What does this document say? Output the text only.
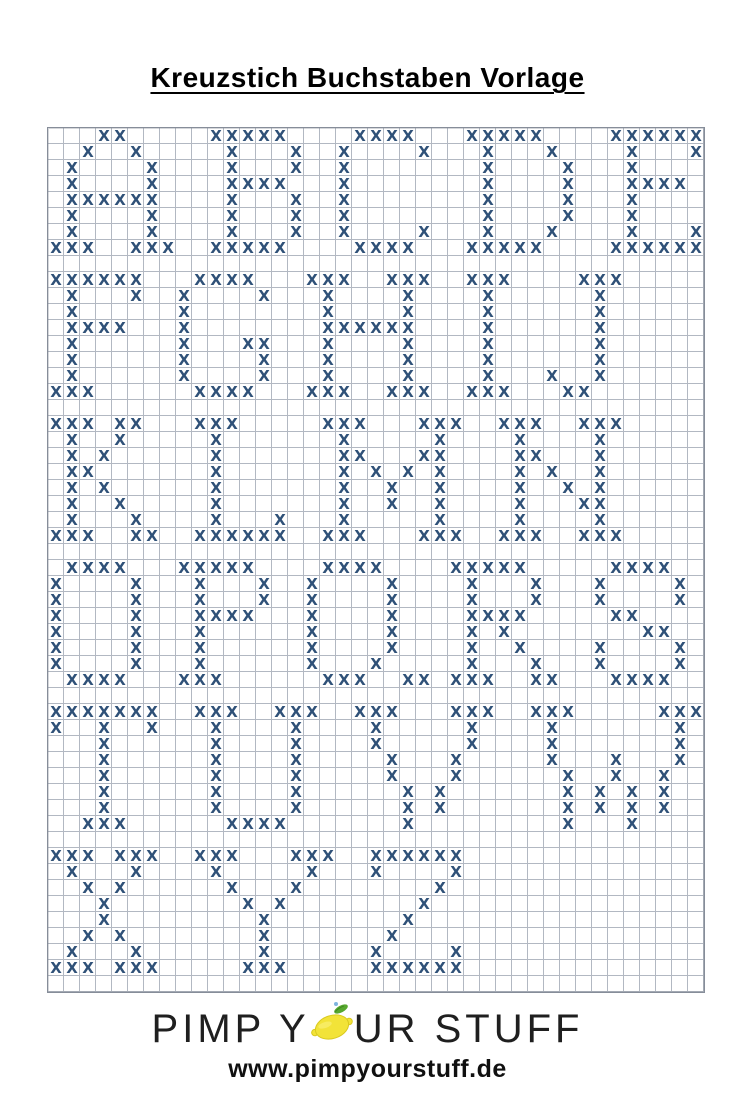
Kreuzstich Buchstaben Vorlage
X X	X X X X X	X X X X	X X X X X	X X X X X X
X X	X	X X	X	X	X	X	X
X	X	X	X X	X	X	X
X	X	X X X X	X	X	X	X X X X
X X X X X X	X	X X	X	X	X
X	X	X	X X	X	X	X
X	X	X	X X	X	X	X	X	X
X X X X X X X X X X X	X X X X	X X X X X	X X X X X X
X X X X X X	X X X X	X X X X X X X X X	X X X
X	X X	X	X	X	X	X
X	X	X	X	X	X
X X X X	X	X X X X X X	X	X
X	X	X X	X	X	X	X
X	X	X	X	X	X	X
X	X	X	X	X	X	X X
X X X	X X X X	X X X X X X X X X	X X
X X X X X	X X X	X X X	X X X X X X X X X
X X	X	X	X	X	X
X X	X	X X	X X	X X	X
X X	X	X X X X	X X X
X X	X	X X X	X X X
X X	X	X X X	X	X X
X	X	X	X	X	X	X	X
X X X X X X X X X X X X X X	X X X X X X X X X
X X X X	X X X X X	X X X X	X X X X X	X X X X
X	X	X	X X	X	X	X	X	X
X	X	X	X X	X	X	X	X	X
X	X	X X X X	X	X	X X X X	X X
X	X	X	X	X	X X	X X
X	X	X	X	X	X X	X	X
X	X	X	X	X	X	X	X	X
X X X X	X X X	X X X X X X X X X X	X X X X
X X X X X X X X X X X X X X X X	X X X X X X	X X X
X X X	X	X	X	X	X	X
X	X	X	X	X	X	X
X	X	X	X	X	X	X	X
X	X	X	X	X	X X X
X	X	X	X X	X X X X
X	X	X	X X	X X X X
X X X	X X X X	X	X	X
X X X X X X X X X	X X X X X X X X X
X	X	X	X	X	X
X X	X	X	X
X	X X	X
X	X	X
X X	X	X
X	X	X	X	X
X X X X X X	X X X	X X X X X X
PIMP Y UR STUFF
www.pimpyourstuff.de
